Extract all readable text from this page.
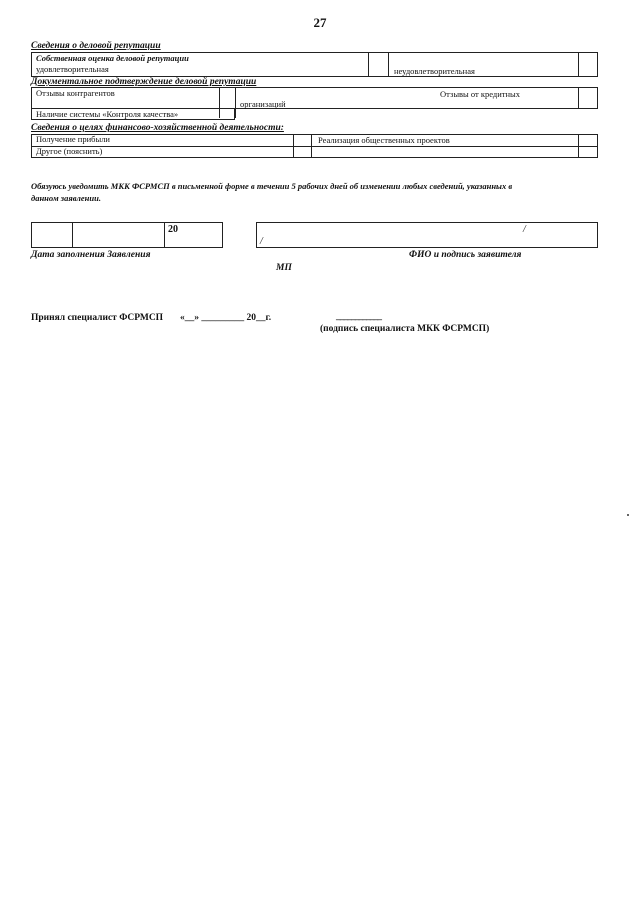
27
Сведения о деловой репутации
Собственная оценка деловой репутации
удовлетворительная	неудовлетворительная
Документальное подтверждение деловой репутации
Отзывы контрагентов	Отзывы от кредитных
организаций
Наличие системы «Контроля качества»
Сведения о целях финансово-хозяйственной деятельности:
Получение прибыли	Реализация общественных проектов
Другое (пояснить)
Обязуюсь уведомить МКК ФСРМСП в письменной форме в течении 5 рабочих дней об изменении любых сведений, указанных в
данном заявлении.
20
Дата заполнения Заявления
/
/
ФИО и подпись заявителя
МП
Принял специалист ФСРМСП «__» _________ 20__г.	____________
(подпись специалиста МКК ФСРМСП)
